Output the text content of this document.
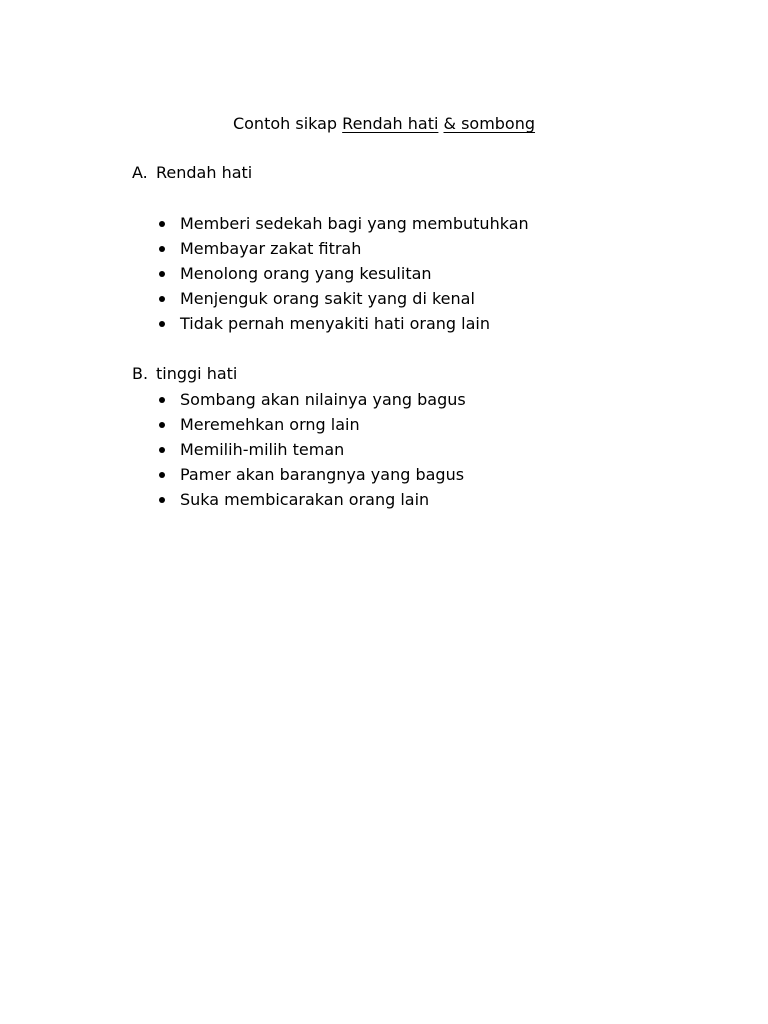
Contoh sikap Rendah hati & sombong
A. Rendah hati
Memberi sedekah bagi yang membutuhkan
Membayar zakat fitrah
Menolong orang yang kesulitan
Menjenguk orang sakit yang di kenal
Tidak pernah menyakiti hati orang lain
B. tinggi hati
Sombang akan nilainya yang bagus
Meremehkan orng lain
Memilih-milih teman
Pamer akan barangnya yang bagus
Suka membicarakan orang lain
